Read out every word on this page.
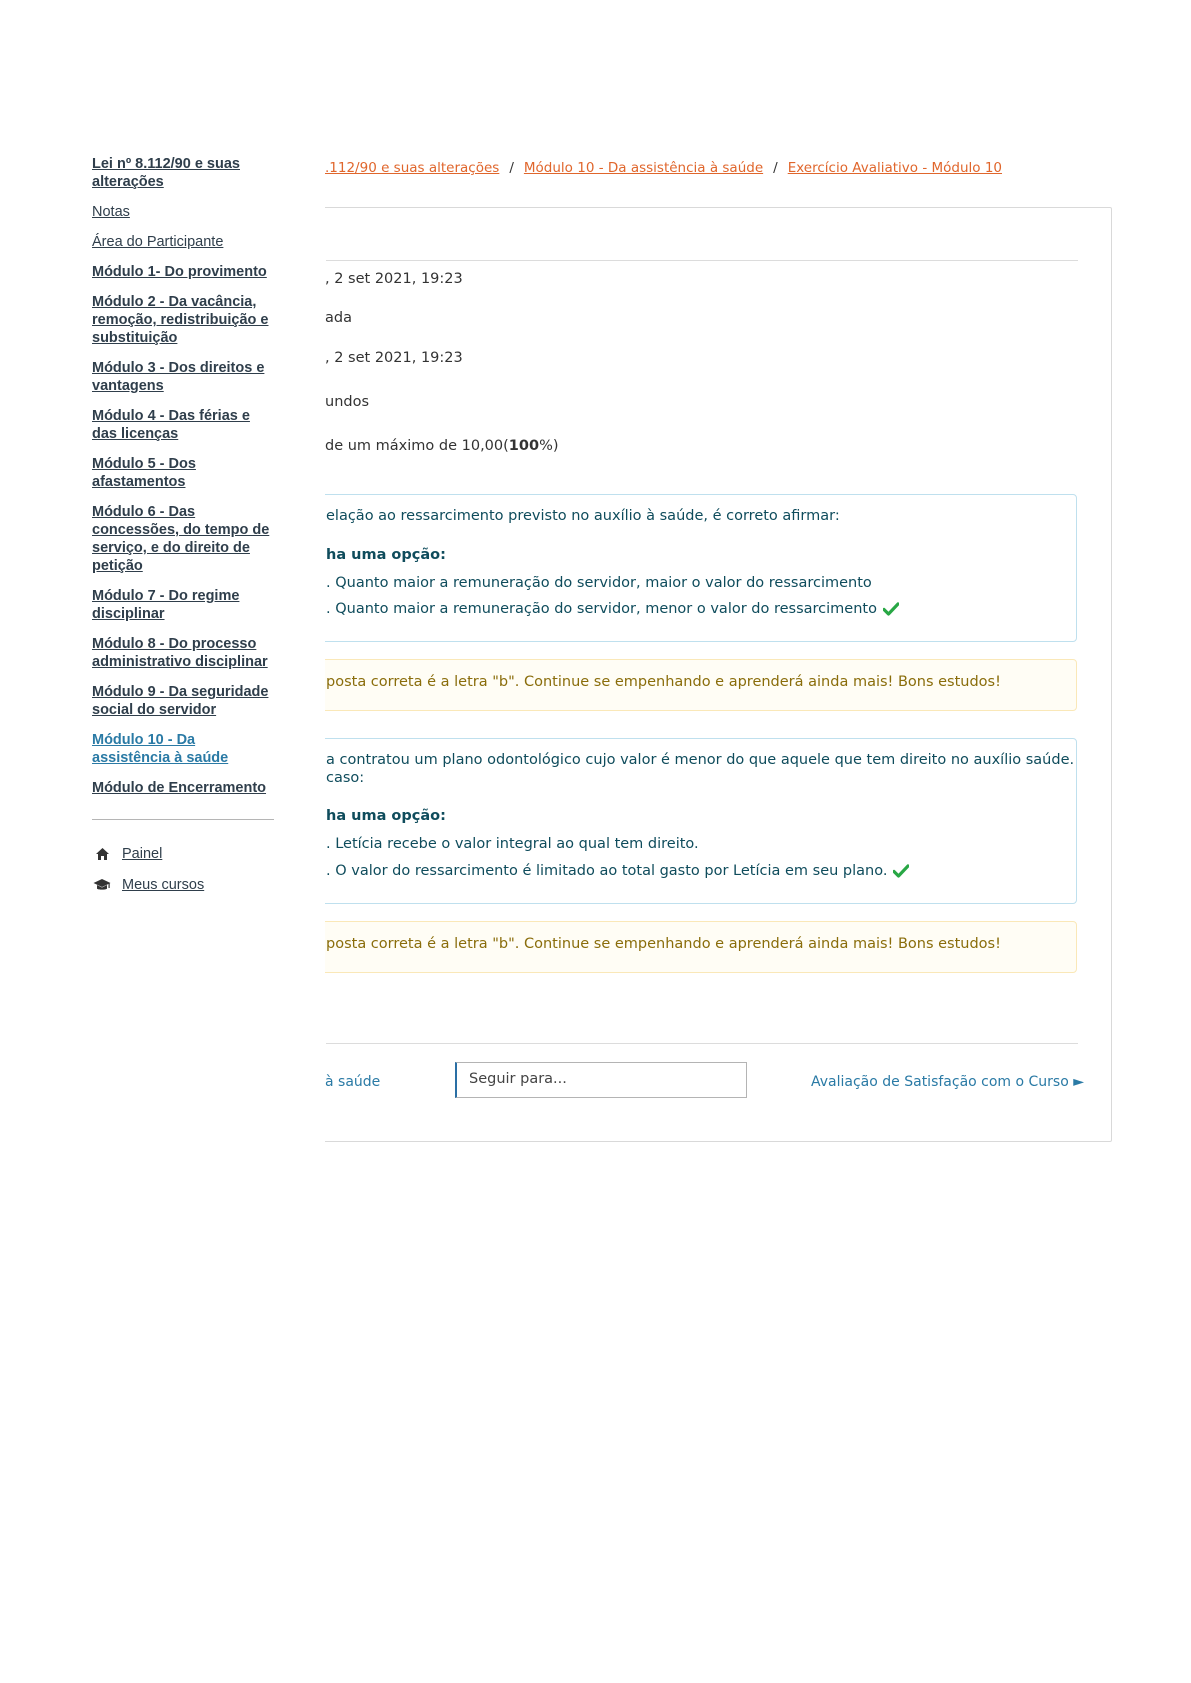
Lei nº 8.112/90 e suas alterações
Notas
Área do Participante
Módulo 1- Do provimento
Módulo 2 - Da vacância, remoção, redistribuição e substituição
Módulo 3 - Dos direitos e vantagens
Módulo 4 - Das férias e das licenças
Módulo 5 - Dos afastamentos
Módulo 6 - Das concessões, do tempo de serviço, e do direito de petição
Módulo 7 - Do regime disciplinar
Módulo 8 - Do processo administrativo disciplinar
Módulo 9 - Da seguridade social do servidor
Módulo 10 - Da assistência à saúde
Módulo de Encerramento
Painel
Meus cursos
.112/90 e suas alterações / Módulo 10 - Da assistência à saúde / Exercício Avaliativo - Módulo 10
, 2 set 2021, 19:23
ada
, 2 set 2021, 19:23
undos
de um máximo de 10,00(100%)
elação ao ressarcimento previsto no auxílio à saúde, é correto afirmar:
ha uma opção:
. Quanto maior a remuneração do servidor, maior o valor do ressarcimento
. Quanto maior a remuneração do servidor, menor o valor do ressarcimento
posta correta é a letra "b". Continue se empenhando e aprenderá ainda mais! Bons estudos!
a contratou um plano odontológico cujo valor é menor do que aquele que tem direito no auxílio saúde.
caso:
ha uma opção:
. Letícia recebe o valor integral ao qual tem direito.
. O valor do ressarcimento é limitado ao total gasto por Letícia em seu plano.
posta correta é a letra "b". Continue se empenhando e aprenderá ainda mais! Bons estudos!
à saúde	Seguir para...	Avaliação de Satisfação com o Curso ►
